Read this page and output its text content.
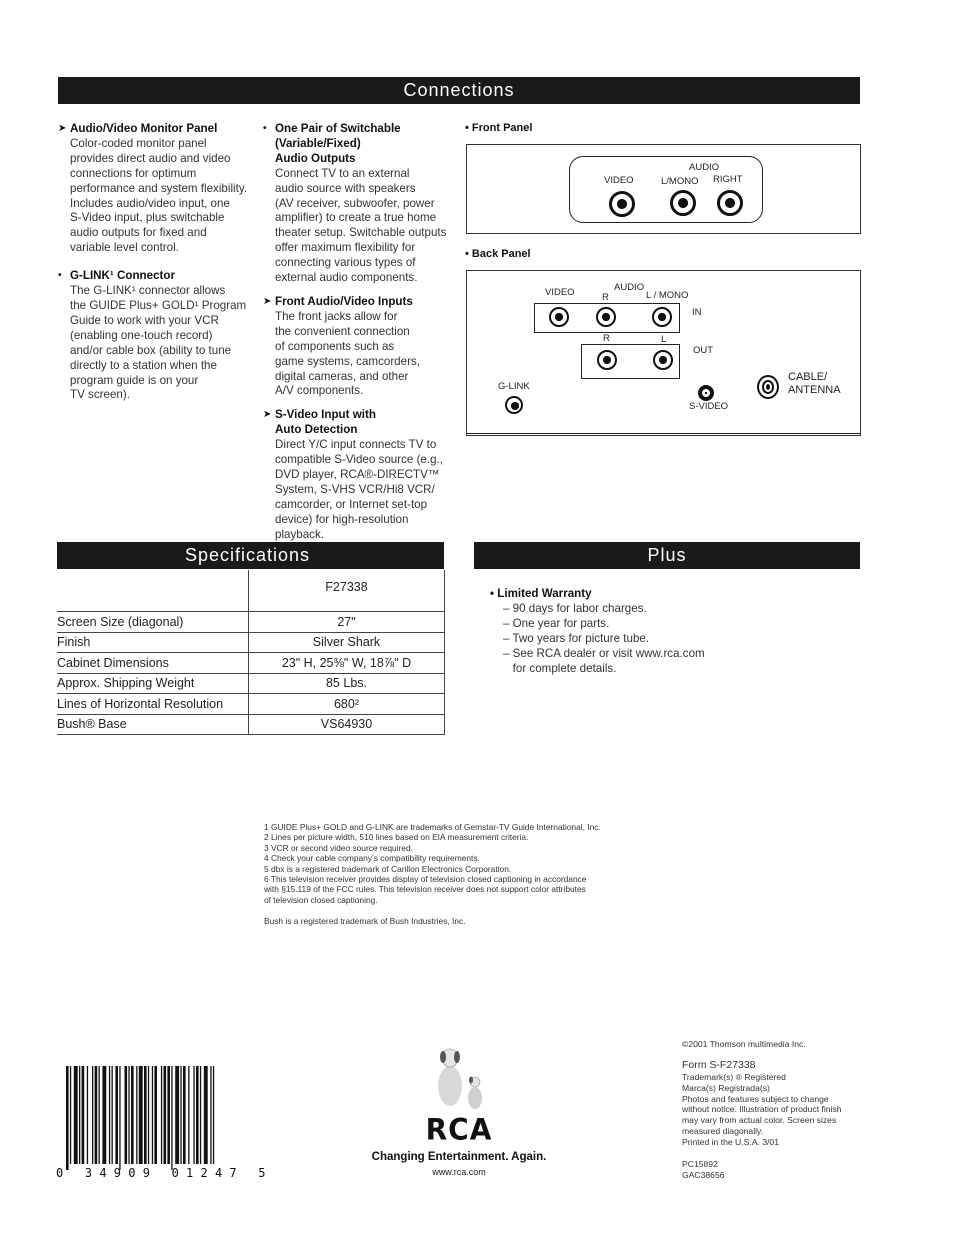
Connections
➤ Audio/Video Monitor Panel
Color-coded monitor panel
provides direct audio and video
connections for optimum
performance and system flexibility.
Includes audio/video input, one
S-Video input, plus switchable
audio outputs for fixed and
variable level control.
• G-LINK¹ Connector
The G-LINK¹ connector allows
the GUIDE Plus+ GOLD¹ Program
Guide to work with your VCR
(enabling one-touch record)
and/or cable box (ability to tune
directly to a station when the
program guide is on your
TV screen).
• One Pair of Switchable
(Variable/Fixed)
Audio Outputs
Connect TV to an external
audio source with speakers
(AV receiver, subwoofer, power
amplifier) to create a true home
theater setup. Switchable outputs
offer maximum flexibility for
connecting various types of
external audio components.
➤ Front Audio/Video Inputs
The front jacks allow for
the convenient connection
of components such as
game systems, camcorders,
digital cameras, and other
A/V components.
➤ S-Video Input with
Auto Detection
Direct Y/C input connects TV to
compatible S-Video source (e.g.,
DVD player, RCA®-DIRECTV™
System, S-VHS VCR/Hi8 VCR/
camcorder, or Internet set-top
device) for high-resolution playback.
• Front Panel
VIDEO
AUDIO
L/MONO RIGHT
• Back Panel
VIDEO	AUDIO
R	L / MONO
IN
R	L
OUT
G-LINK
S-VIDEO
CABLE/
ANTENNA
Specifications
	F27338
Screen Size (diagonal)	27"
Finish	Silver Shark
Cabinet Dimensions	23" H, 25⅜" W, 18⅞" D
Approx. Shipping Weight	85 Lbs.
Lines of Horizontal Resolution	680²
Bush® Base	VS64930
Plus
• Limited Warranty
– 90 days for labor charges.
– One year for parts.
– Two years for picture tube.
– See RCA dealer or visit www.rca.com
for complete details.
1 GUIDE Plus+ GOLD and G-LINK are trademarks of Gemstar-TV Guide International, Inc.
2 Lines per picture width, 510 lines based on EIA measurement criteria.
3 VCR or second video source required.
4 Check your cable company’s compatibility requirements.
5 dbx is a registered trademark of Carillon Electronics Corporation.
6 This television receiver provides display of television closed captioning in accordance
with §15.119 of the FCC rules. This television receiver does not support color attributes
of television closed captioning.

Bush is a registered trademark of Bush Industries, Inc.
0   3 4 9 0 9   0 1 2 4 7   5
RCA
Changing Entertainment. Again.
www.rca.com
©2001 Thomson multimedia Inc.
Form S-F27338
Trademark(s) ® Registered
Marca(s) Registrada(s)
Photos and features subject to change
without notice. Illustration of product finish
may vary from actual color. Screen sizes
measured diagonally.
Printed in the U.S.A. 3/01
PC15892
GAC38656
